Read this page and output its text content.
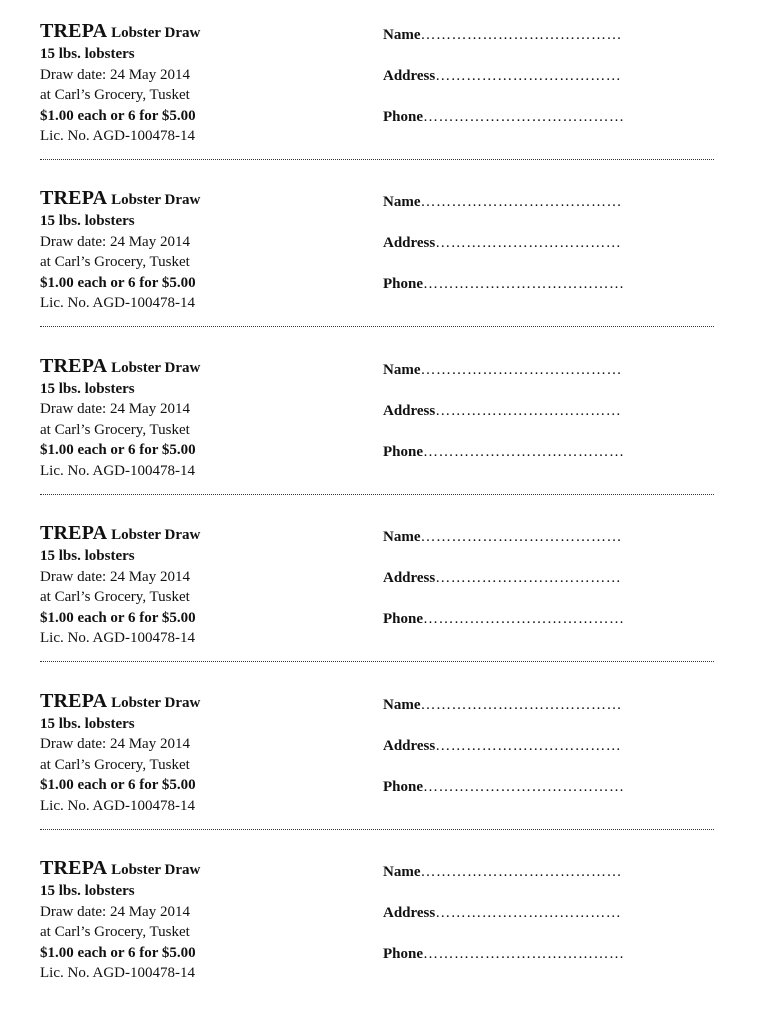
TREPA Lobster Draw
15 lbs. lobsters
Draw date: 24 May 2014
at Carl’s Grocery, Tusket
$1.00 each or 6 for $5.00
Lic. No. AGD-100478-14
Name…………………………………
Address………………………………
Phone…………………………………
TREPA Lobster Draw
15 lbs. lobsters
Draw date: 24 May 2014
at Carl’s Grocery, Tusket
$1.00 each or 6 for $5.00
Lic. No. AGD-100478-14
Name…………………………………
Address………………………………
Phone…………………………………
TREPA Lobster Draw
15 lbs. lobsters
Draw date: 24 May 2014
at Carl’s Grocery, Tusket
$1.00 each or 6 for $5.00
Lic. No. AGD-100478-14
Name…………………………………
Address………………………………
Phone…………………………………
TREPA Lobster Draw
15 lbs. lobsters
Draw date: 24 May 2014
at Carl’s Grocery, Tusket
$1.00 each or 6 for $5.00
Lic. No. AGD-100478-14
Name…………………………………
Address………………………………
Phone…………………………………
TREPA Lobster Draw
15 lbs. lobsters
Draw date: 24 May 2014
at Carl’s Grocery, Tusket
$1.00 each or 6 for $5.00
Lic. No. AGD-100478-14
Name…………………………………
Address………………………………
Phone…………………………………
TREPA Lobster Draw
15 lbs. lobsters
Draw date: 24 May 2014
at Carl’s Grocery, Tusket
$1.00 each or 6 for $5.00
Lic. No. AGD-100478-14
Name…………………………………
Address………………………………
Phone…………………………………
